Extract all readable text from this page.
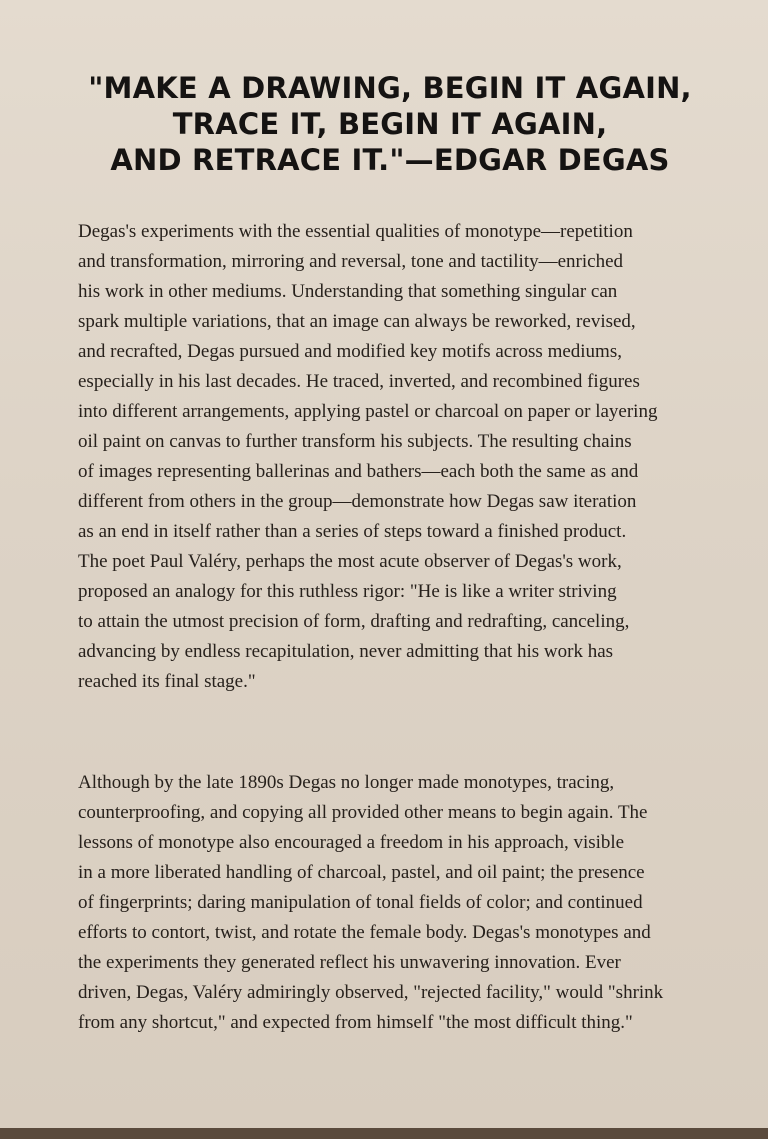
"MAKE A DRAWING, BEGIN IT AGAIN,
TRACE IT, BEGIN IT AGAIN,
AND RETRACE IT."—EDGAR DEGAS

Degas's experiments with the essential qualities of monotype—repetition
and transformation, mirroring and reversal, tone and tactility—enriched
his work in other mediums. Understanding that something singular can
spark multiple variations, that an image can always be reworked, revised,
and recrafted, Degas pursued and modified key motifs across mediums,
especially in his last decades. He traced, inverted, and recombined figures
into different arrangements, applying pastel or charcoal on paper or layering
oil paint on canvas to further transform his subjects. The resulting chains
of images representing ballerinas and bathers—each both the same as and
different from others in the group—demonstrate how Degas saw iteration
as an end in itself rather than a series of steps toward a finished product.
The poet Paul Valéry, perhaps the most acute observer of Degas's work,
proposed an analogy for this ruthless rigor: "He is like a writer striving
to attain the utmost precision of form, drafting and redrafting, canceling,
advancing by endless recapitulation, never admitting that his work has
reached its final stage."

Although by the late 1890s Degas no longer made monotypes, tracing,
counterproofing, and copying all provided other means to begin again. The
lessons of monotype also encouraged a freedom in his approach, visible
in a more liberated handling of charcoal, pastel, and oil paint; the presence
of fingerprints; daring manipulation of tonal fields of color; and continued
efforts to contort, twist, and rotate the female body. Degas's monotypes and
the experiments they generated reflect his unwavering innovation. Ever
driven, Degas, Valéry admiringly observed, "rejected facility," would "shrink
from any shortcut," and expected from himself "the most difficult thing."
